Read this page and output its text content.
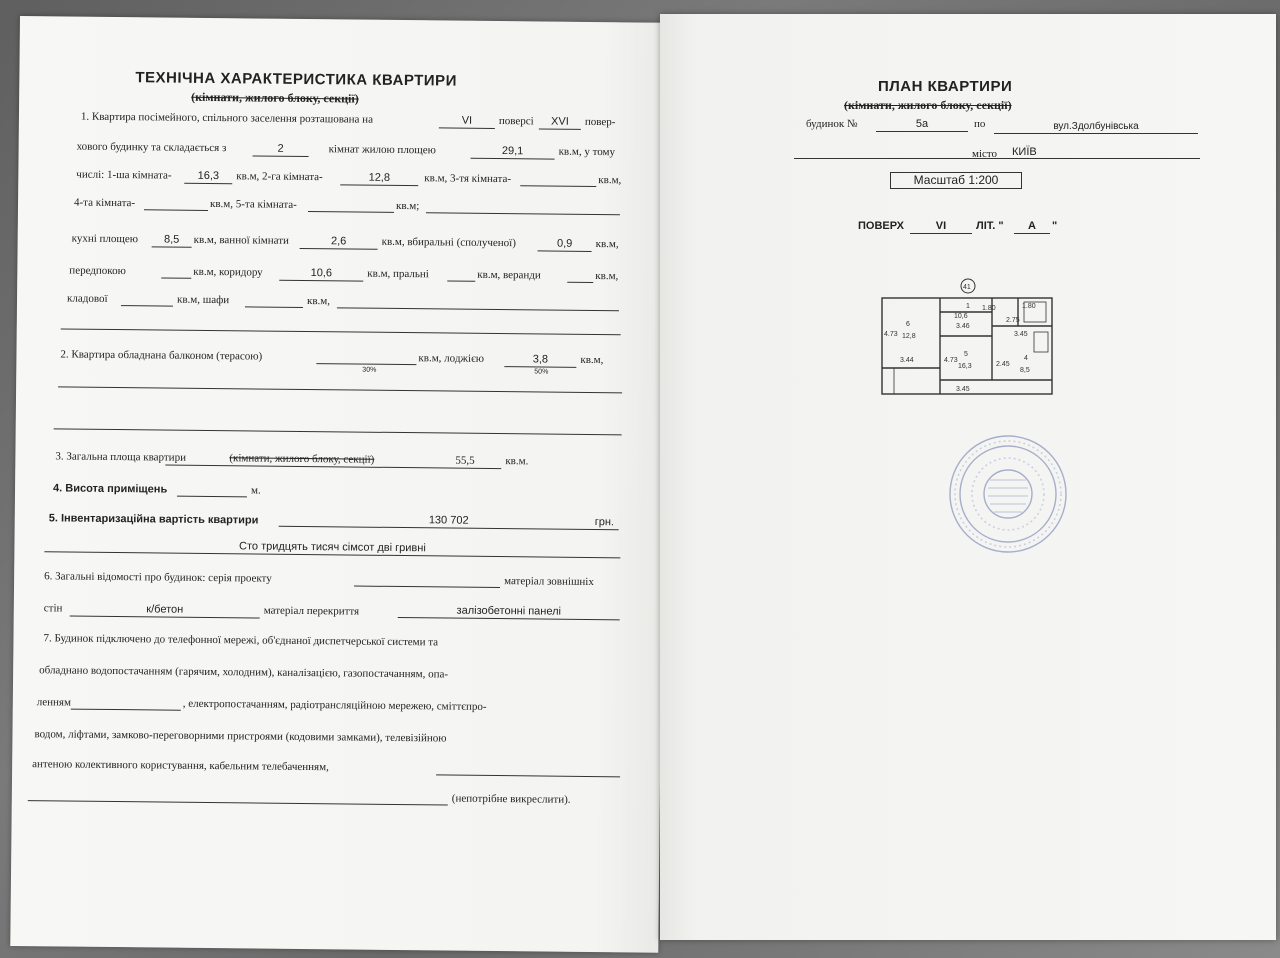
ТЕХНІЧНА ХАРАКТЕРИСТИКА КВАРТИРИ
(кімнати, жилого блоку, секції)
1. Квартира посімейного, спільного заселення розташована на	VI	поверсі	XVI	повер-
хового будинку та складається з	2	кімнат жилою площею	29,1	кв.м, у тому
числі: 1-ша кімната-	16,3	кв.м, 2-га кімната-	12,8	кв.м, 3-тя кімната-	кв.м,
4-та кімната-	кв.м, 5-та кімната-	кв.м;
кухні площею	8,5	кв.м, ванної кімнати	2,6	кв.м, вбиральні (сполученої)	0,9	кв.м,
передпокою	кв.м, коридору	10,6	кв.м, пральні	кв.м, веранди	кв.м,
кладової	кв.м, шафи	кв.м,
2. Квартира обладнана балконом (терасою)
30%
кв.м, лоджією	3,8
50%
кв.м,
3. Загальна площа квартири	(кімнати, жилого блоку, секції)	55,5	кв.м.
4. Висота приміщень	м.
5. Інвентаризаційна вартість квартири	130 702	грн.
Сто тридцять тисяч сімсот дві гривні
6. Загальні відомості про будинок: серія проекту	матеріал зовнішніх
стін	к/бетон	матеріал перекриття	залізобетонні панелі
7. Будинок підключено до телефонної мережі, об'єднаної диспетчерської системи та
обладнано водопостачанням (гарячим, холодним), каналізацією, газопостачанням, опа-
ленням	, електропостачанням, радіотрансляційною мережею, сміттєпро-
водом, ліфтами, замково-переговорними пристроями (кодовими замками), телевізійною
антеною колективного користування, кабельним телебаченням,
(непотрібне викреслити).
ПЛАН КВАРТИРИ
(кімнати, жилого блоку, секції)
будинок №	5а	по	вул.Здолбунівська
місто КИЇВ
Масштаб 1:200
ПОВЕРХ	VI	ЛІТ. "	А	"
41
6
12,8
3.44
4.73
5
16,3
4.73
3.45
4
8,5
3.45
2.45
1
10,6
3.46
1.80	1.80
2.75
